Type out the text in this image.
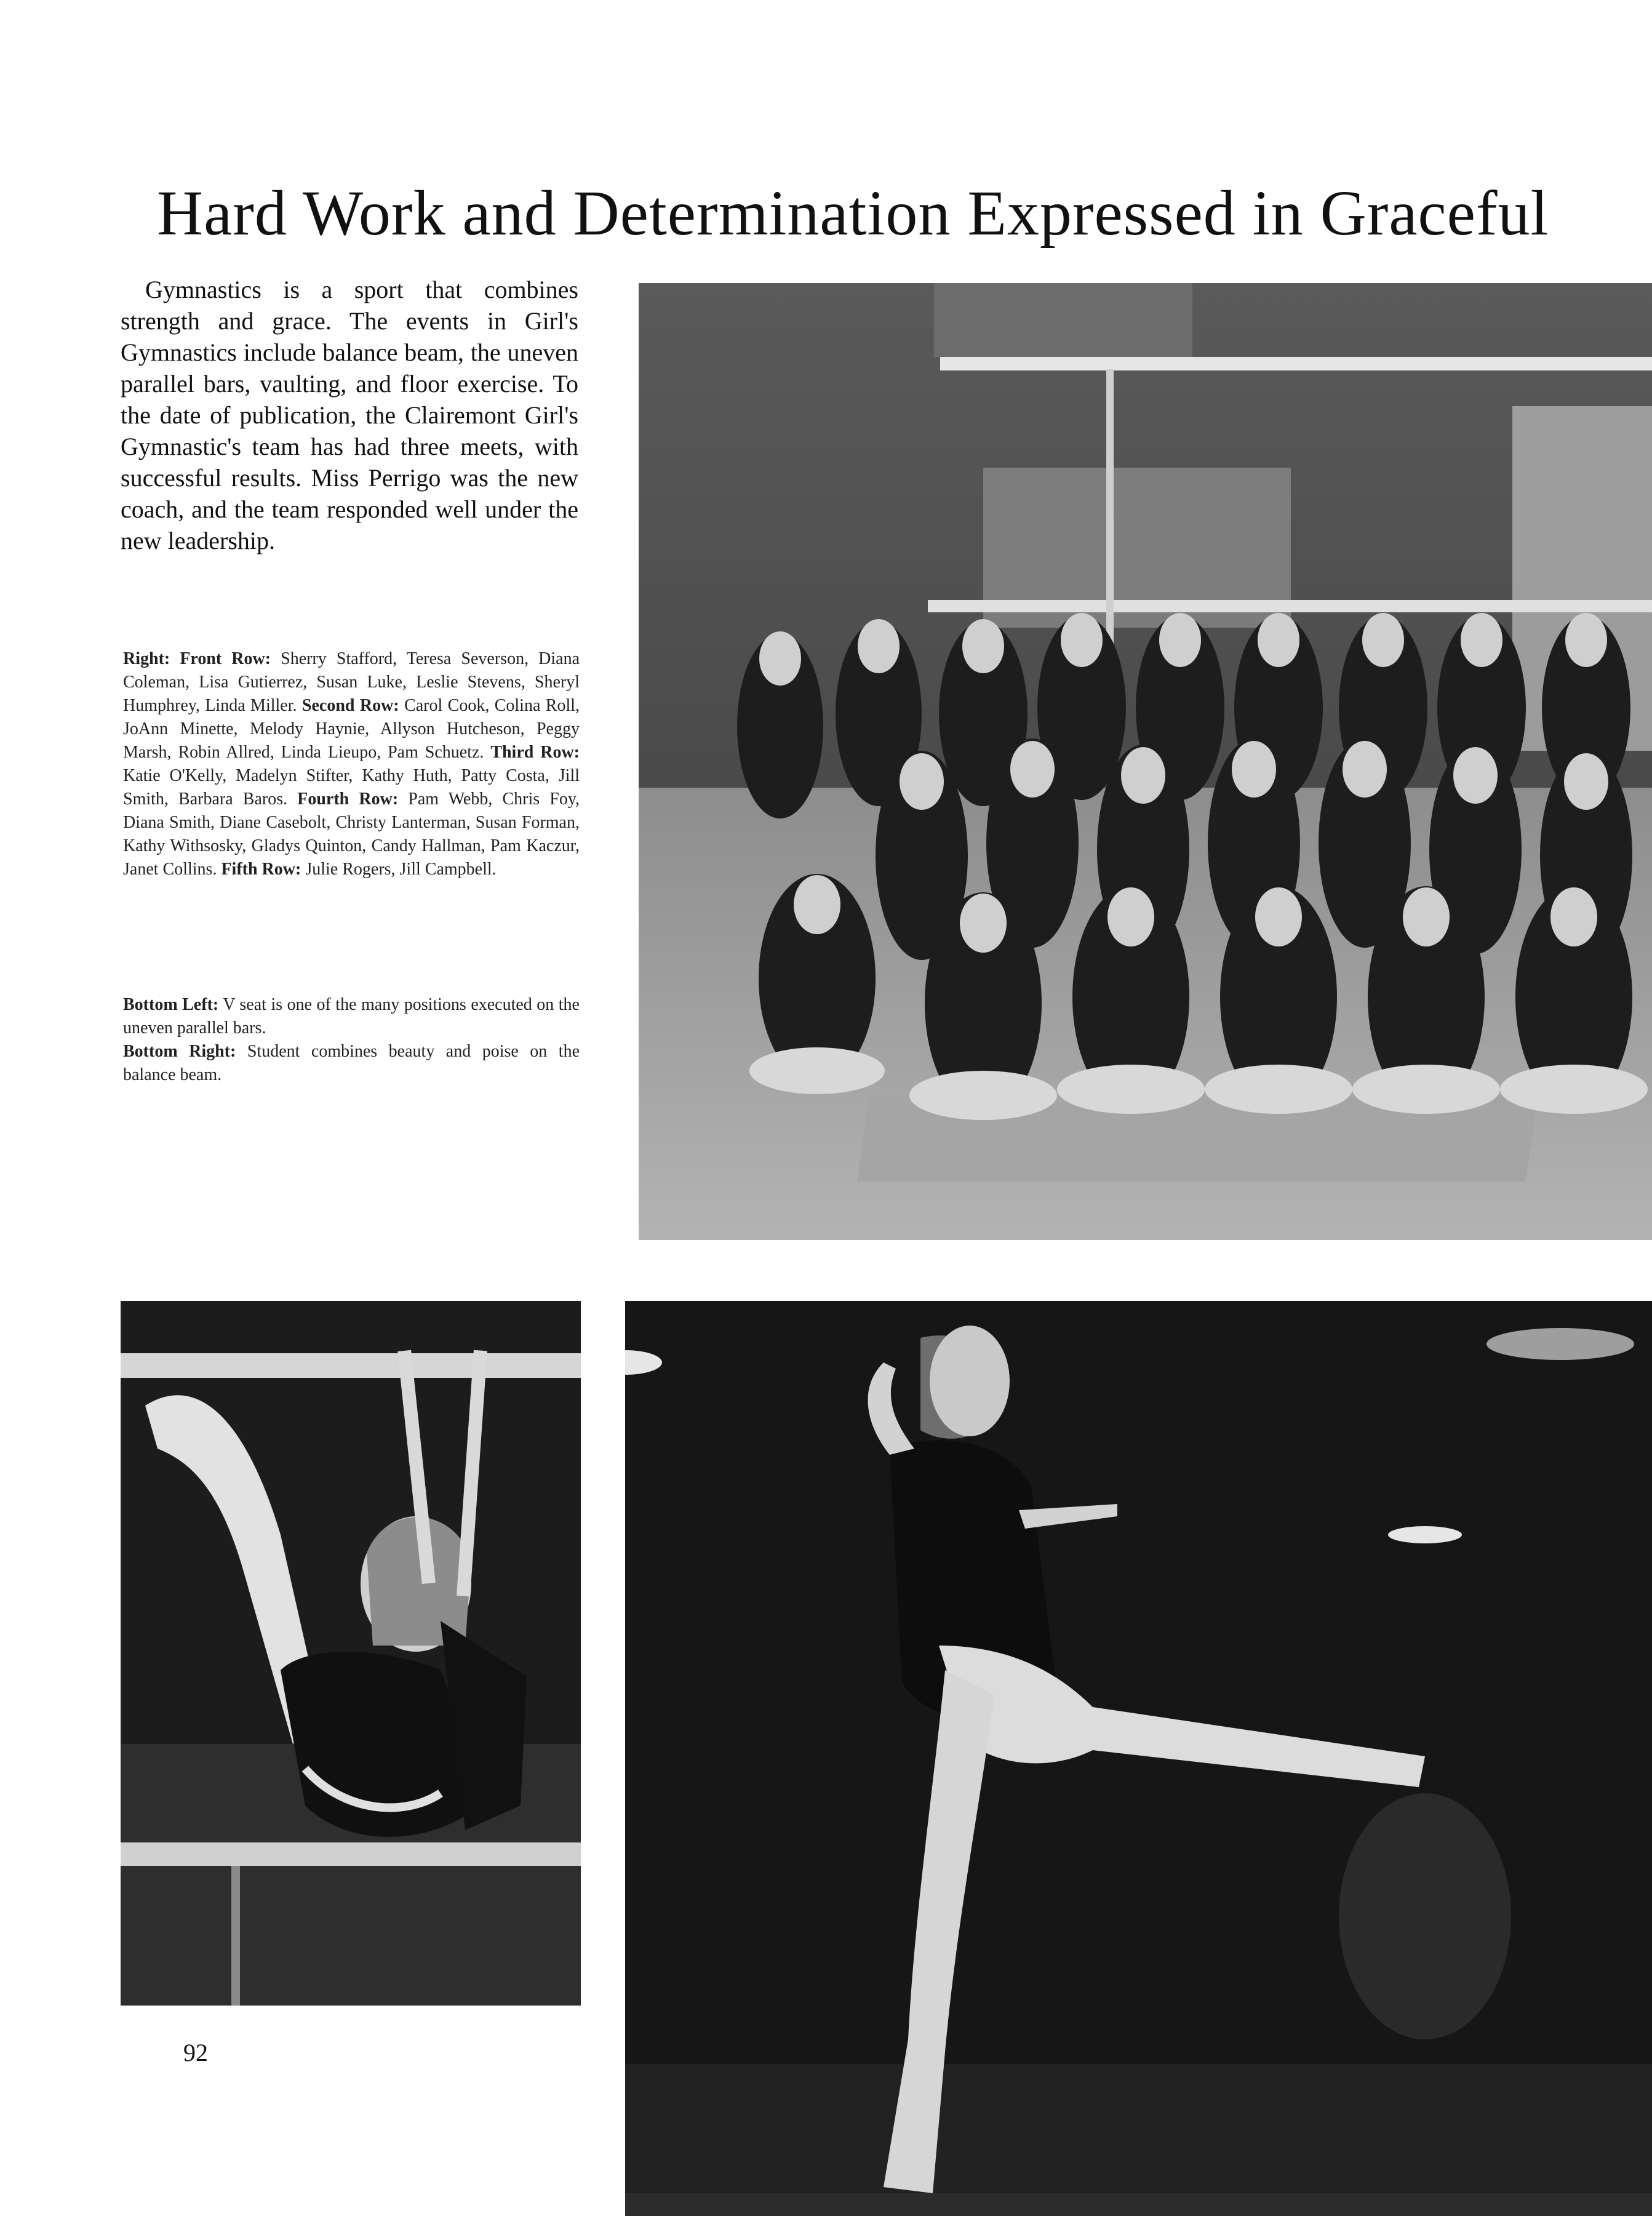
Hard Work and Determination Expressed in Graceful

Gymnastics is a sport that combines strength and grace. The events in Girl's Gymnastics include balance beam, the uneven parallel bars, vaulting, and floor exercise. To the date of publication, the Clairemont Girl's Gymnastic's team has had three meets, with successful results. Miss Perrigo was the new coach, and the team responded well under the new leadership.

Right: Front Row: Sherry Stafford, Teresa Severson, Diana Coleman, Lisa Gutierrez, Susan Luke, Leslie Stevens, Sheryl Humphrey, Linda Miller. Second Row: Carol Cook, Colina Roll, JoAnn Minette, Melody Haynie, Allyson Hutcheson, Peggy Marsh, Robin Allred, Linda Lieupo, Pam Schuetz. Third Row: Katie O'Kelly, Madelyn Stifter, Kathy Huth, Patty Costa, Jill Smith, Barbara Baros. Fourth Row: Pam Webb, Chris Foy, Diana Smith, Diane Casebolt, Christy Lanterman, Susan Forman, Kathy Withsosky, Gladys Quinton, Candy Hallman, Pam Kaczur, Janet Collins. Fifth Row: Julie Rogers, Jill Campbell.

Bottom Left: V seat is one of the many positions executed on the uneven parallel bars.

Bottom Right: Student combines beauty and poise on the balance beam.

92
